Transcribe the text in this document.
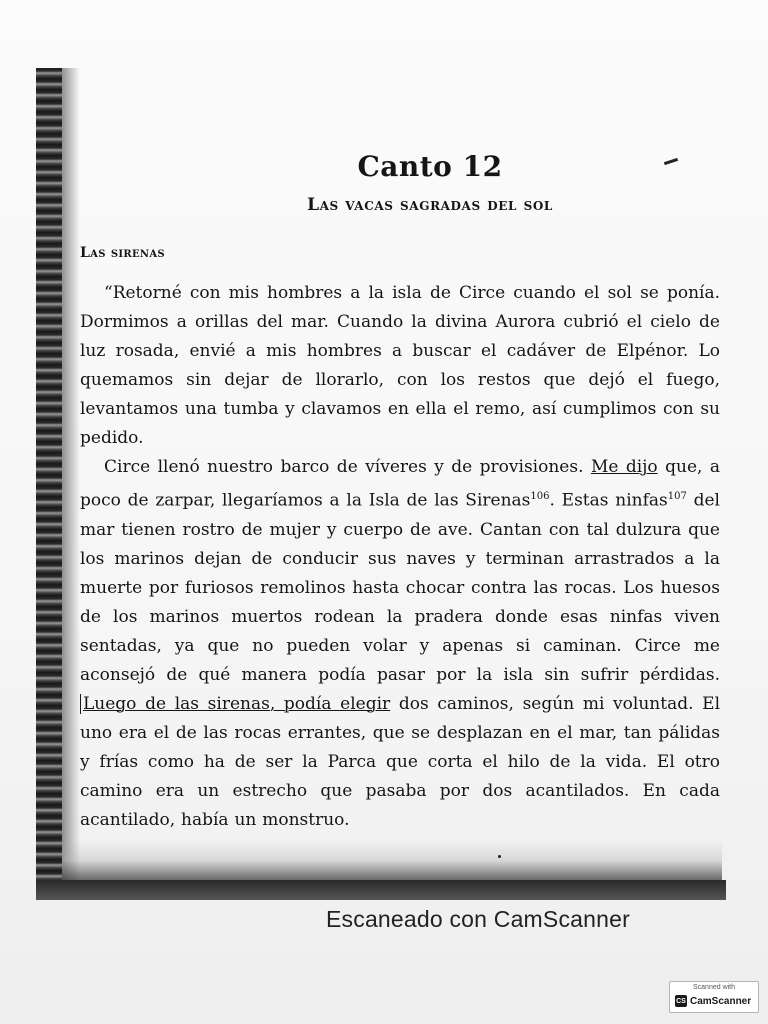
Canto 12
Las vacas sagradas del sol
Las sirenas

“Retorné con mis hombres a la isla de Circe cuando el sol se ponía. Dormimos a orillas del mar. Cuando la divina Aurora cubrió el cielo de luz rosada, envié a mis hombres a buscar el cadáver de Elpénor. Lo quemamos sin dejar de llorarlo, con los restos que dejó el fuego, levantamos una tumba y clavamos en ella el remo, así cumplimos con su pedido.

Circe llenó nuestro barco de víveres y de provisiones. Me dijo que, a poco de zarpar, llegaríamos a la Isla de las Sirenas$^{106}$. Estas ninfas$^{107}$ del mar tienen rostro de mujer y cuerpo de ave. Cantan con tal dulzura que los marinos dejan de conducir sus naves y terminan arrastrados a la muerte por furiosos remolinos hasta chocar contra las rocas. Los huesos de los marinos muertos rodean la pradera donde esas ninfas viven sentadas, ya que no pueden volar y apenas si caminan. Circe me aconsejó de qué manera podía pasar por la isla sin sufrir pérdidas. Luego de las sirenas, podía elegir dos caminos, según mi voluntad. El uno era el de las rocas errantes, que se desplazan en el mar, tan pálidas y frías como ha de ser la Parca que corta el hilo de la vida. El otro camino era un estrecho que pasaba por dos acantilados. En cada acantilado, había un monstruo.

Escaneado con CamScanner
Scanned with
CS CamScanner
